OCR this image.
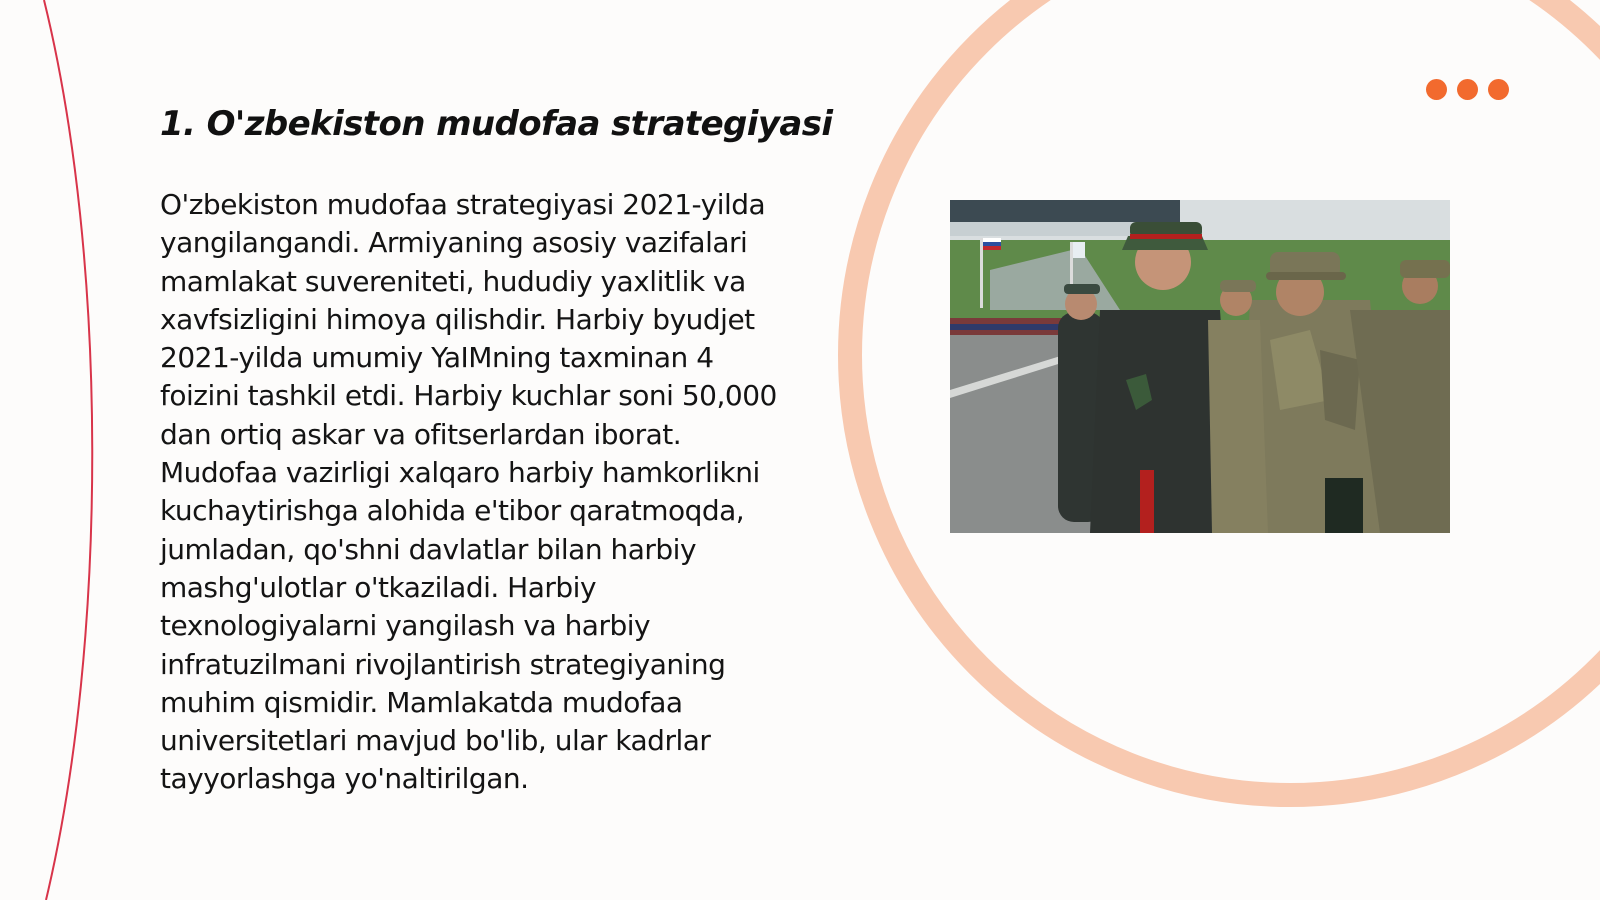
1. O'zbekiston mudofaa strategiyasi

O'zbekiston mudofaa strategiyasi 2021-yilda
yangilangandi. Armiyaning asosiy vazifalari
mamlakat suvereniteti, hududiy yaxlitlik va
xavfsizligini himoya qilishdir. Harbiy byudjet
2021-yilda umumiy YaIMning taxminan 4
foizini tashkil etdi. Harbiy kuchlar soni 50,000
dan ortiq askar va ofitserlardan iborat.
Mudofaa vazirligi xalqaro harbiy hamkorlikni
kuchaytirishga alohida e'tibor qaratmoqda,
jumladan, qo'shni davlatlar bilan harbiy
mashg'ulotlar o'tkaziladi. Harbiy
texnologiyalarni yangilash va harbiy
infratuzilmani rivojlantirish strategiyaning
muhim qismidir. Mamlakatda mudofaa
universitetlari mavjud bo'lib, ular kadrlar
tayyorlashga yo'naltirilgan.
